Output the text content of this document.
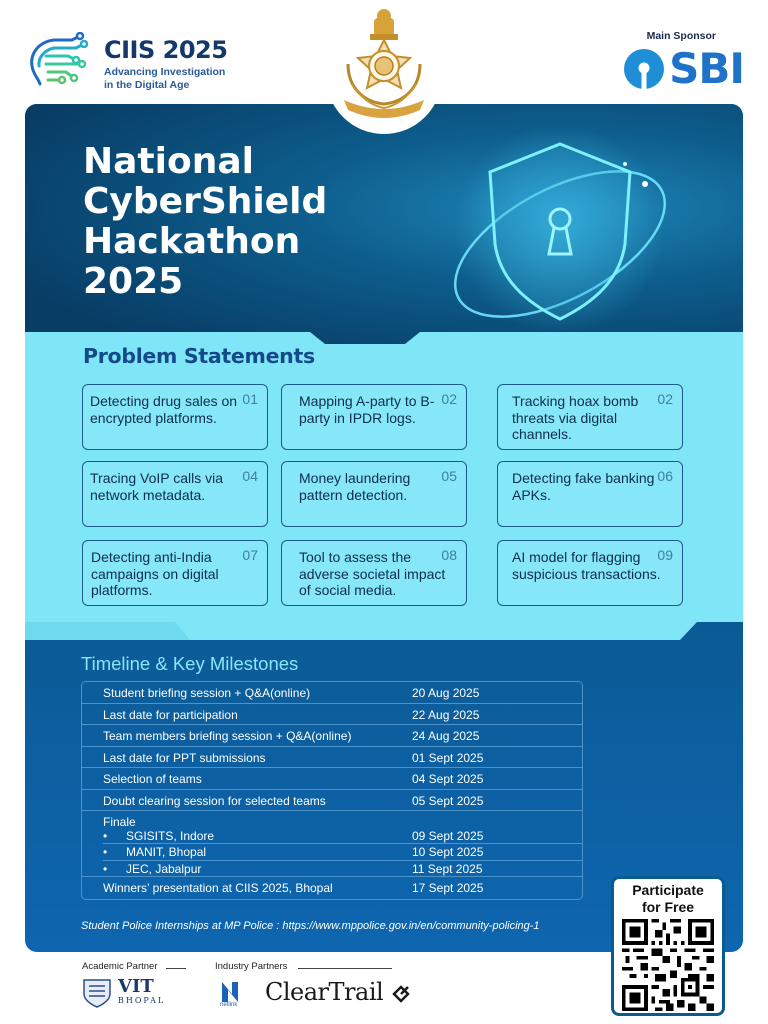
CIIS 2025
Advancing Investigation
in the Digital Age
Main Sponsor
SBI
National
CyberShield
Hackathon
2025
Problem Statements
Detecting drug sales on encrypted platforms.
01	Mapping A-party to B-party in IPDR logs.
02	Tracking hoax bomb threats via digital channels.
02
Tracing VoIP calls via network metadata.
04	Money laundering pattern detection.
05	Detecting fake banking APKs.
06
Detecting anti-India campaigns on digital platforms.
07	Tool to assess the adverse societal impact of social media.
08	AI model for flagging suspicious transactions.
09
Timeline & Key Milestones
Student briefing session + Q&A(online)	20 Aug 2025
Last date for participation	22 Aug 2025
Team members briefing session + Q&A(online)	24 Aug 2025
Last date for PPT submissions	01 Sept 2025
Selection of teams	04 Sept 2025
Doubt clearing session for selected teams	05 Sept 2025
Finale
• SGISITS, Indore	09 Sept 2025
• MANIT, Bhopal	10 Sept 2025
• JEC, Jabalpur	11 Sept 2025
Winners’ presentation at CIIS 2025, Bhopal	17 Sept 2025
Student Police Internships at MP Police : https://www.mppolice.gov.in/en/community-policing-1
Participate
for Free
Academic Partner	Industry Partners
VIT
BHOPAL	netlink ClearTrail
